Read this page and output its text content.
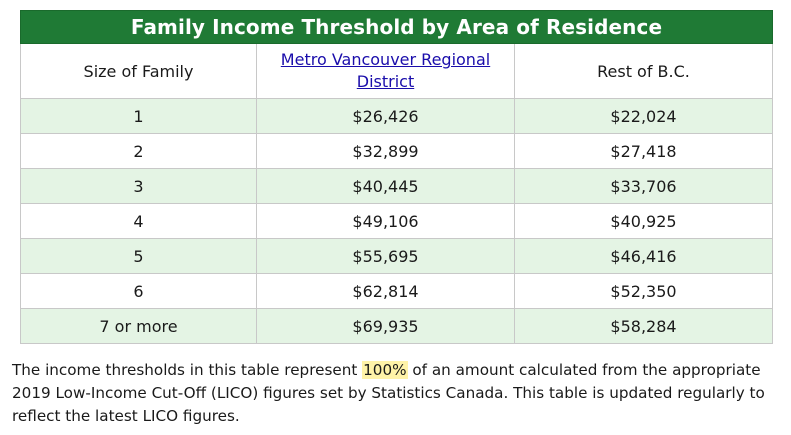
Family Income Threshold by Area of Residence		
Size of Family	Metro Vancouver Regional District	Rest of B.C.
1	$26,426	$22,024
2	$32,899	$27,418
3	$40,445	$33,706
4	$49,106	$40,925
5	$55,695	$46,416
6	$62,814	$52,350
7 or more	$69,935	$58,284

The income thresholds in this table represent 100% of an amount calculated from the appropriate 2019 Low-Income Cut-Off (LICO) figures set by Statistics Canada. This table is updated regularly to reflect the latest LICO figures.
